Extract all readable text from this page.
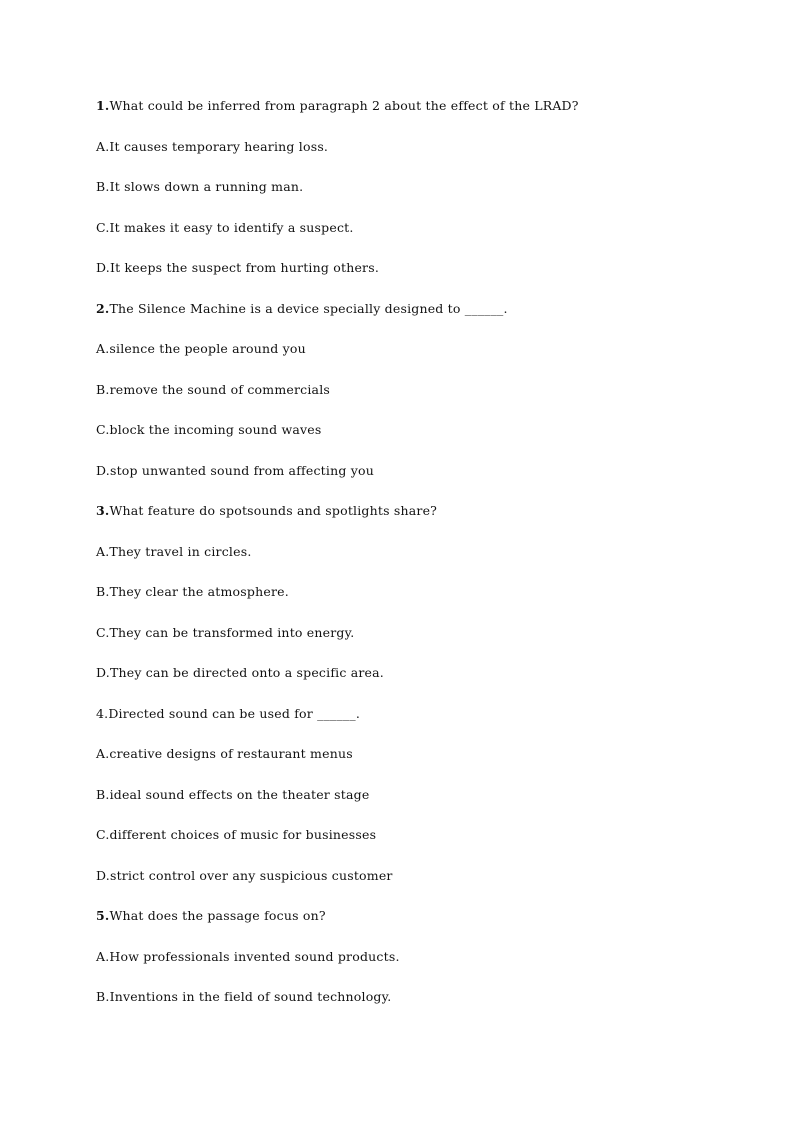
1.What could be inferred from paragraph 2 about the effect of the LRAD?
A.It causes temporary hearing loss.
B.It slows down a running man.
C.It makes it easy to identify a suspect.
D.It keeps the suspect from hurting others.
2.The Silence Machine is a device specially designed to ______.
A.silence the people around you
B.remove the sound of commercials
C.block the incoming sound waves
D.stop unwanted sound from affecting you
3.What feature do spotsounds and spotlights share?
A.They travel in circles.
B.They clear the atmosphere.
C.They can be transformed into energy.
D.They can be directed onto a specific area.
4.Directed sound can be used for ______.
A.creative designs of restaurant menus
B.ideal sound effects on the theater stage
C.different choices of music for businesses
D.strict control over any suspicious customer
5.What does the passage focus on?
A.How professionals invented sound products.
B.Inventions in the field of sound technology.
